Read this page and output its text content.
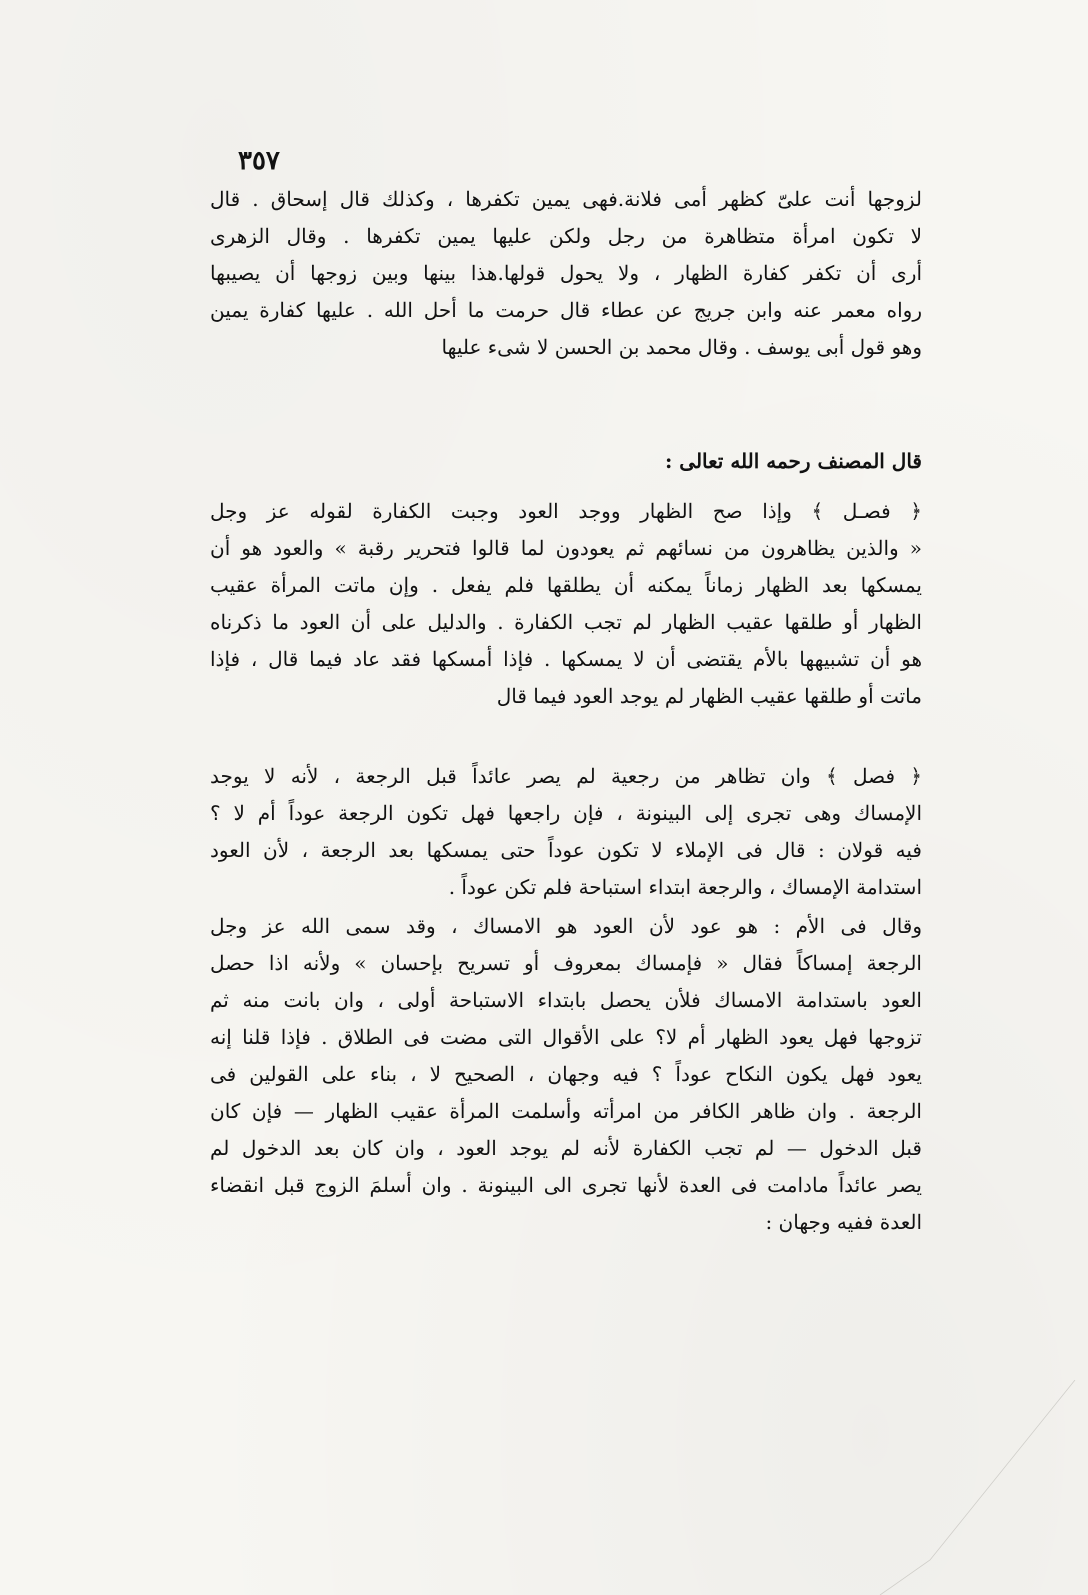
٣٥٧
لزوجها أنت علىّ كظهر أمى فلانة.فهى يمين تكفرها ، وكذلك قال إسحاق . قال
لا تكون امرأة متظاهرة من رجل ولكن عليها يمين تكفرها . وقال الزهرى
أرى أن تكفر كفارة الظهار ، ولا يحول قولها.هذا بينها وبين زوجها أن يصيبها
رواه معمر عنه وابن جريج عن عطاء قال حرمت ما أحل الله . عليها كفارة يمين
وهو قول أبى يوسف . وقال محمد بن الحسن لا شىء عليها
قال المصنف رحمه الله تعالى :
﴿ فصـل ﴾ وإذا صح الظهار ووجد العود وجبت الكفارة لقوله عز وجل
« والذين يظاهرون من نسائهم ثم يعودون لما قالوا فتحرير رقبة » والعود هو أن
يمسكها بعد الظهار زماناً يمكنه أن يطلقها فلم يفعل . وإن ماتت المرأة عقيب
الظهار أو طلقها عقيب الظهار لم تجب الكفارة . والدليل على أن العود ما ذكرناه
هو أن تشبيهها بالأم يقتضى أن لا يمسكها . فإذا أمسكها فقد عاد فيما قال ، فإذا
ماتت أو طلقها عقيب الظهار لم يوجد العود فيما قال
﴿ فصل ﴾ وان تظاهر من رجعية لم يصر عائداً قبل الرجعة ، لأنه لا يوجد
الإمساك وهى تجرى إلى البينونة ، فإن راجعها فهل تكون الرجعة عوداً أم لا ؟
فيه قولان : قال فى الإملاء لا تكون عوداً حتى يمسكها بعد الرجعة ، لأن العود
استدامة الإمساك ، والرجعة ابتداء استباحة فلم تكن عوداً .
وقال فى الأم : هو عود لأن العود هو الامساك ، وقد سمى الله عز وجل
الرجعة إمساكاً فقال « فإمساك بمعروف أو تسريح بإحسان » ولأنه اذا حصل
العود باستدامة الامساك فلأن يحصل بابتداء الاستباحة أولى ، وان بانت منه ثم
تزوجها فهل يعود الظهار أم لا؟ على الأقوال التى مضت فى الطلاق . فإذا قلنا إنه
يعود فهل يكون النكاح عوداً ؟ فيه وجهان ، الصحيح لا ، بناء على القولين فى
الرجعة . وان ظاهر الكافر من امرأته وأسلمت المرأة عقيب الظهار — فإن كان
قبل الدخول — لم تجب الكفارة لأنه لم يوجد العود ، وان كان بعد الدخول لم
يصر عائداً مادامت فى العدة لأنها تجرى الى البينونة . وان أسلمَ الزوج قبل انقضاء
العدة ففيه وجهان :
